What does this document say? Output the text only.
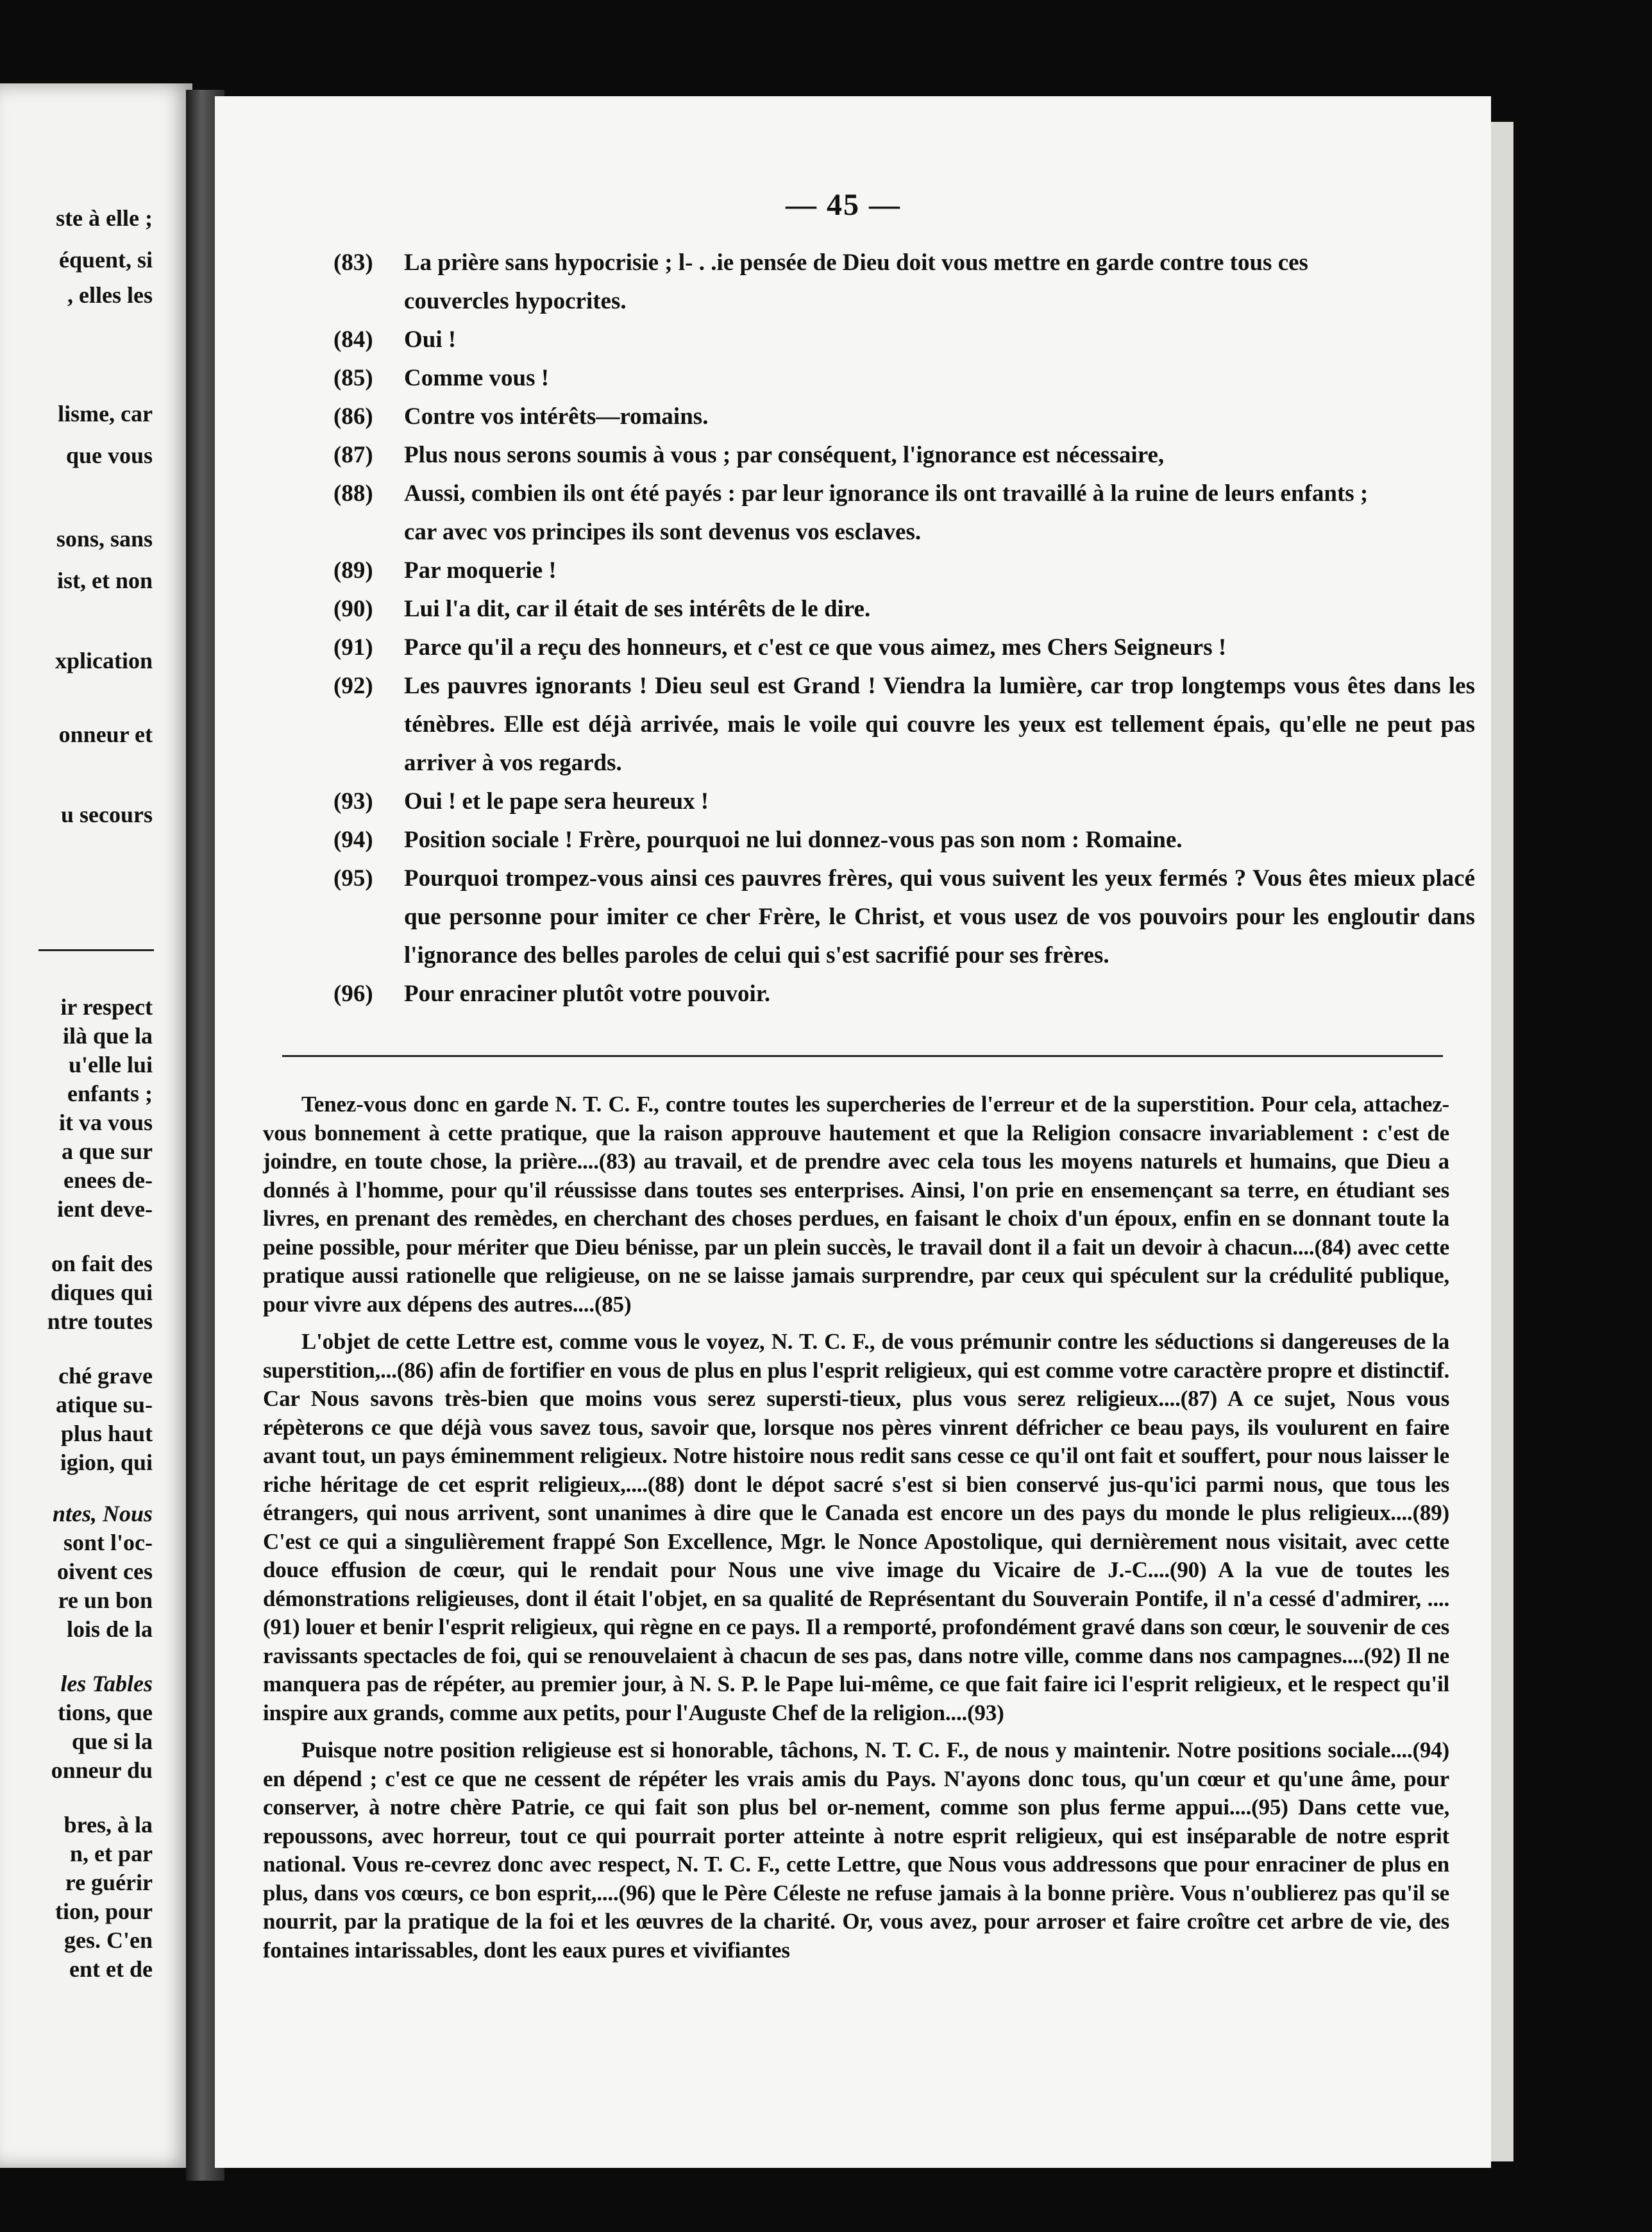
ste à elle ;
équent, si
, elles les
lisme, car
que vous
sons, sans
ist, et non
xplication
onneur et
u secours
ir respect
ilà que la
u'elle lui
enfants ;
it va vous
a que sur
enees de-
ient deve-
on fait des
diques qui
ntre toutes
ché grave
atique su-
plus haut
igion, qui
ntes, Nous
sont l'oc-
oivent ces
re un bon
lois de la
les Tables
tions, que
que si la
onneur du
bres, à la
n, et par
re guérir
tion, pour
ges. C'en
ent et de
— 45 —
(83)	La prière sans hypocrisie ; l- . .ie pensée de Dieu doit vous mettre en garde contre tous ces
couvercles hypocrites.
(84)	Oui !
(85)	Comme vous !
(86)	Contre vos intérêts—romains.
(87)	Plus nous serons soumis à vous ; par conséquent, l'ignorance est nécessaire,
(88)	Aussi, combien ils ont été payés : par leur ignorance ils ont travaillé à la ruine de leurs enfants ;
car avec vos principes ils sont devenus vos esclaves.
(89)	Par moquerie !
(90)	Lui l'a dit, car il était de ses intérêts de le dire.
(91)	Parce qu'il a reçu des honneurs, et c'est ce que vous aimez, mes Chers Seigneurs !
(92)	Les pauvres ignorants ! Dieu seul est Grand ! Viendra la lumière, car trop longtemps vous êtes dans les ténèbres. Elle est déjà arrivée, mais le voile qui couvre les yeux est tellement épais, qu'elle ne peut pas arriver à vos regards.
(93)	Oui ! et le pape sera heureux !
(94)	Position sociale ! Frère, pourquoi ne lui donnez-vous pas son nom : Romaine.
(95)	Pourquoi trompez-vous ainsi ces pauvres frères, qui vous suivent les yeux fermés ? Vous êtes mieux placé que personne pour imiter ce cher Frère, le Christ, et vous usez de vos pouvoirs pour les engloutir dans l'ignorance des belles paroles de celui qui s'est sacrifié pour ses frères.
(96)	Pour enraciner plutôt votre pouvoir.

Tenez-vous donc en garde N. T. C. F., contre toutes les supercheries de l'erreur et de la superstition. Pour cela, attachez-vous bonnement à cette pratique, que la raison approuve hautement et que la Religion consacre invariablement : c'est de joindre, en toute chose, la prière....(83) au travail, et de prendre avec cela tous les moyens naturels et humains, que Dieu a donnés à l'homme, pour qu'il réussisse dans toutes ses enterprises. Ainsi, l'on prie en ensemençant sa terre, en étudiant ses livres, en prenant des remèdes, en cherchant des choses perdues, en faisant le choix d'un époux, enfin en se donnant toute la peine possible, pour mériter que Dieu bénisse, par un plein succès, le travail dont il a fait un devoir à chacun....(84) avec cette pratique aussi rationelle que religieuse, on ne se laisse jamais surprendre, par ceux qui spéculent sur la crédulité publique, pour vivre aux dépens des autres....(85)

L'objet de cette Lettre est, comme vous le voyez, N. T. C. F., de vous prémunir contre les séductions si dangereuses de la superstition,...(86) afin de fortifier en vous de plus en plus l'esprit religieux, qui est comme votre caractère propre et distinctif. Car Nous savons très-bien que moins vous serez supersti-tieux, plus vous serez religieux....(87) A ce sujet, Nous vous répèterons ce que déjà vous savez tous, savoir que, lorsque nos pères vinrent défricher ce beau pays, ils voulurent en faire avant tout, un pays éminemment religieux. Notre histoire nous redit sans cesse ce qu'il ont fait et souffert, pour nous laisser le riche héritage de cet esprit religieux,....(88) dont le dépot sacré s'est si bien conservé jus-qu'ici parmi nous, que tous les étrangers, qui nous arrivent, sont unanimes à dire que le Canada est encore un des pays du monde le plus religieux....(89) C'est ce qui a singulièrement frappé Son Excellence, Mgr. le Nonce Apostolique, qui dernièrement nous visitait, avec cette douce effusion de cœur, qui le rendait pour Nous une vive image du Vicaire de J.-C....(90) A la vue de toutes les démonstrations religieuses, dont il était l'objet, en sa qualité de Représentant du Souverain Pontife, il n'a cessé d'admirer, ....(91) louer et benir l'esprit religieux, qui règne en ce pays. Il a remporté, profondément gravé dans son cœur, le souvenir de ces ravissants spectacles de foi, qui se renouvelaient à chacun de ses pas, dans notre ville, comme dans nos campagnes....(92) Il ne manquera pas de répéter, au premier jour, à N. S. P. le Pape lui-même, ce que fait faire ici l'esprit religieux, et le respect qu'il inspire aux grands, comme aux petits, pour l'Auguste Chef de la religion....(93)

Puisque notre position religieuse est si honorable, tâchons, N. T. C. F., de nous y maintenir. Notre positions sociale....(94) en dépend ; c'est ce que ne cessent de répéter les vrais amis du Pays. N'ayons donc tous, qu'un cœur et qu'une âme, pour conserver, à notre chère Patrie, ce qui fait son plus bel or-nement, comme son plus ferme appui....(95) Dans cette vue, repoussons, avec horreur, tout ce qui pourrait porter atteinte à notre esprit religieux, qui est inséparable de notre esprit national. Vous re-cevrez donc avec respect, N. T. C. F., cette Lettre, que Nous vous addressons que pour enraciner de plus en plus, dans vos cœurs, ce bon esprit,....(96) que le Père Céleste ne refuse jamais à la bonne prière. Vous n'oublierez pas qu'il se nourrit, par la pratique de la foi et les œuvres de la charité. Or, vous avez, pour arroser et faire croître cet arbre de vie, des fontaines intarissables, dont les eaux pures et vivifiantes
